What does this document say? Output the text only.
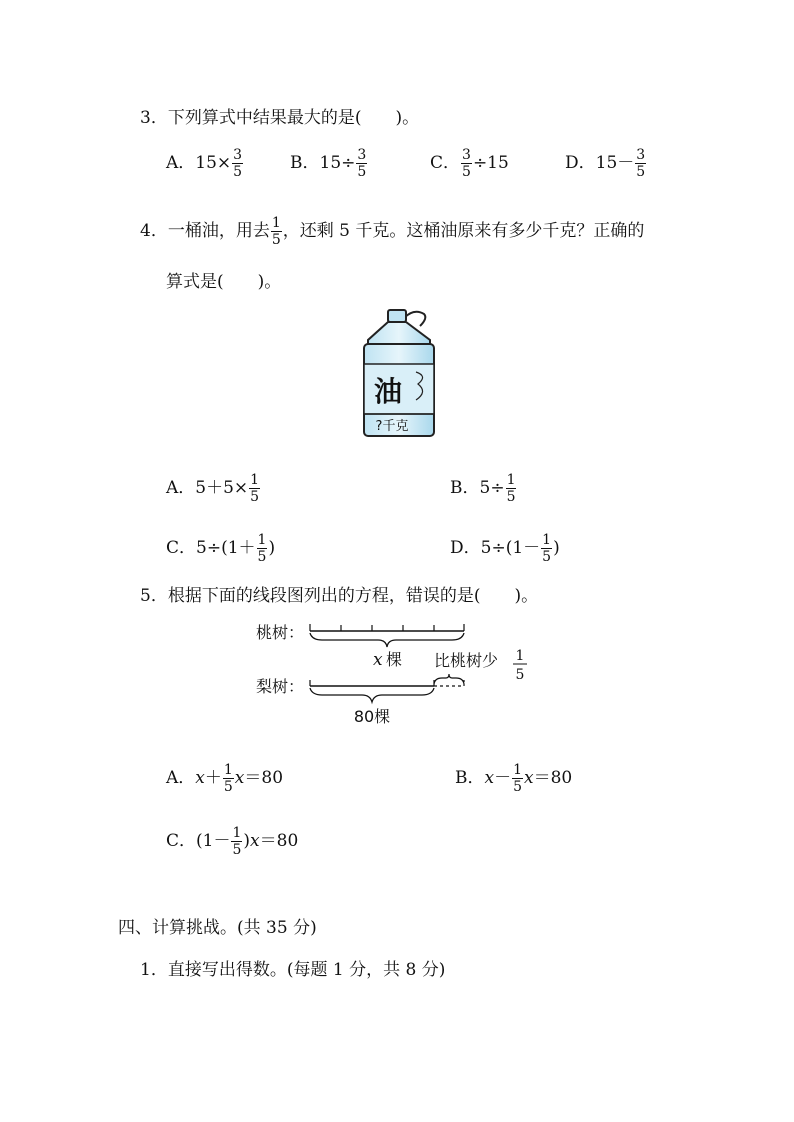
3．下列算式中结果最大的是(　　)。
A．$15\times \frac{3}{5}$	B．$15\div \frac{3}{5}$	C． $\frac{3}{5} \div 15$	D．$15- \frac{3}{5}$
4．一桶油，用去 $\frac{1}{5}$ ，还剩 5 千克。这桶油原来有多少千克？正确的
算式是(　　)。
油
?千克
A．$5+5\times \frac{1}{5}$	B．$5\div \frac{1}{5}$
C．$5\div(1+ \frac{1}{5}$ )	D．$5\div(1- \frac{1}{5}$ )
5．根据下面的线段图列出的方程，错误的是(　　)。
桃树：
x 棵 比桃树少 1
5
梨树：
80棵
A．$x+ \frac{1}{5} x=80$	B．$x- \frac{1}{5} x=80$
C．$(1- \frac{1}{5} )x=80$
四、计算挑战。(共 35 分)
1．直接写出得数。(每题 1 分，共 8 分)
